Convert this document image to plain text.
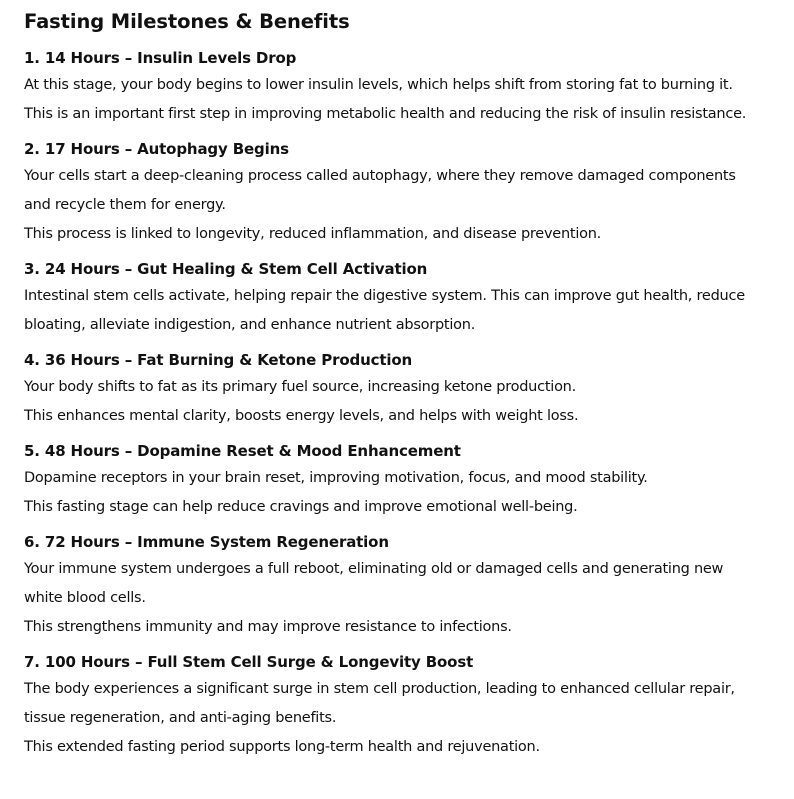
Fasting Milestones & Benefits
1. 14 Hours – Insulin Levels Drop

At this stage, your body begins to lower insulin levels, which helps shift from storing fat to burning it.

This is an important first step in improving metabolic health and reducing the risk of insulin resistance.

2. 17 Hours – Autophagy Begins

Your cells start a deep-cleaning process called autophagy, where they remove damaged components

and recycle them for energy.

This process is linked to longevity, reduced inflammation, and disease prevention.

3. 24 Hours – Gut Healing & Stem Cell Activation

Intestinal stem cells activate, helping repair the digestive system. This can improve gut health, reduce

bloating, alleviate indigestion, and enhance nutrient absorption.

4. 36 Hours – Fat Burning & Ketone Production

Your body shifts to fat as its primary fuel source, increasing ketone production.

This enhances mental clarity, boosts energy levels, and helps with weight loss.

5. 48 Hours – Dopamine Reset & Mood Enhancement

Dopamine receptors in your brain reset, improving motivation, focus, and mood stability.

This fasting stage can help reduce cravings and improve emotional well-being.

6. 72 Hours – Immune System Regeneration

Your immune system undergoes a full reboot, eliminating old or damaged cells and generating new

white blood cells.

This strengthens immunity and may improve resistance to infections.

7. 100 Hours – Full Stem Cell Surge & Longevity Boost

The body experiences a significant surge in stem cell production, leading to enhanced cellular repair,

tissue regeneration, and anti-aging benefits.

This extended fasting period supports long-term health and rejuvenation.
